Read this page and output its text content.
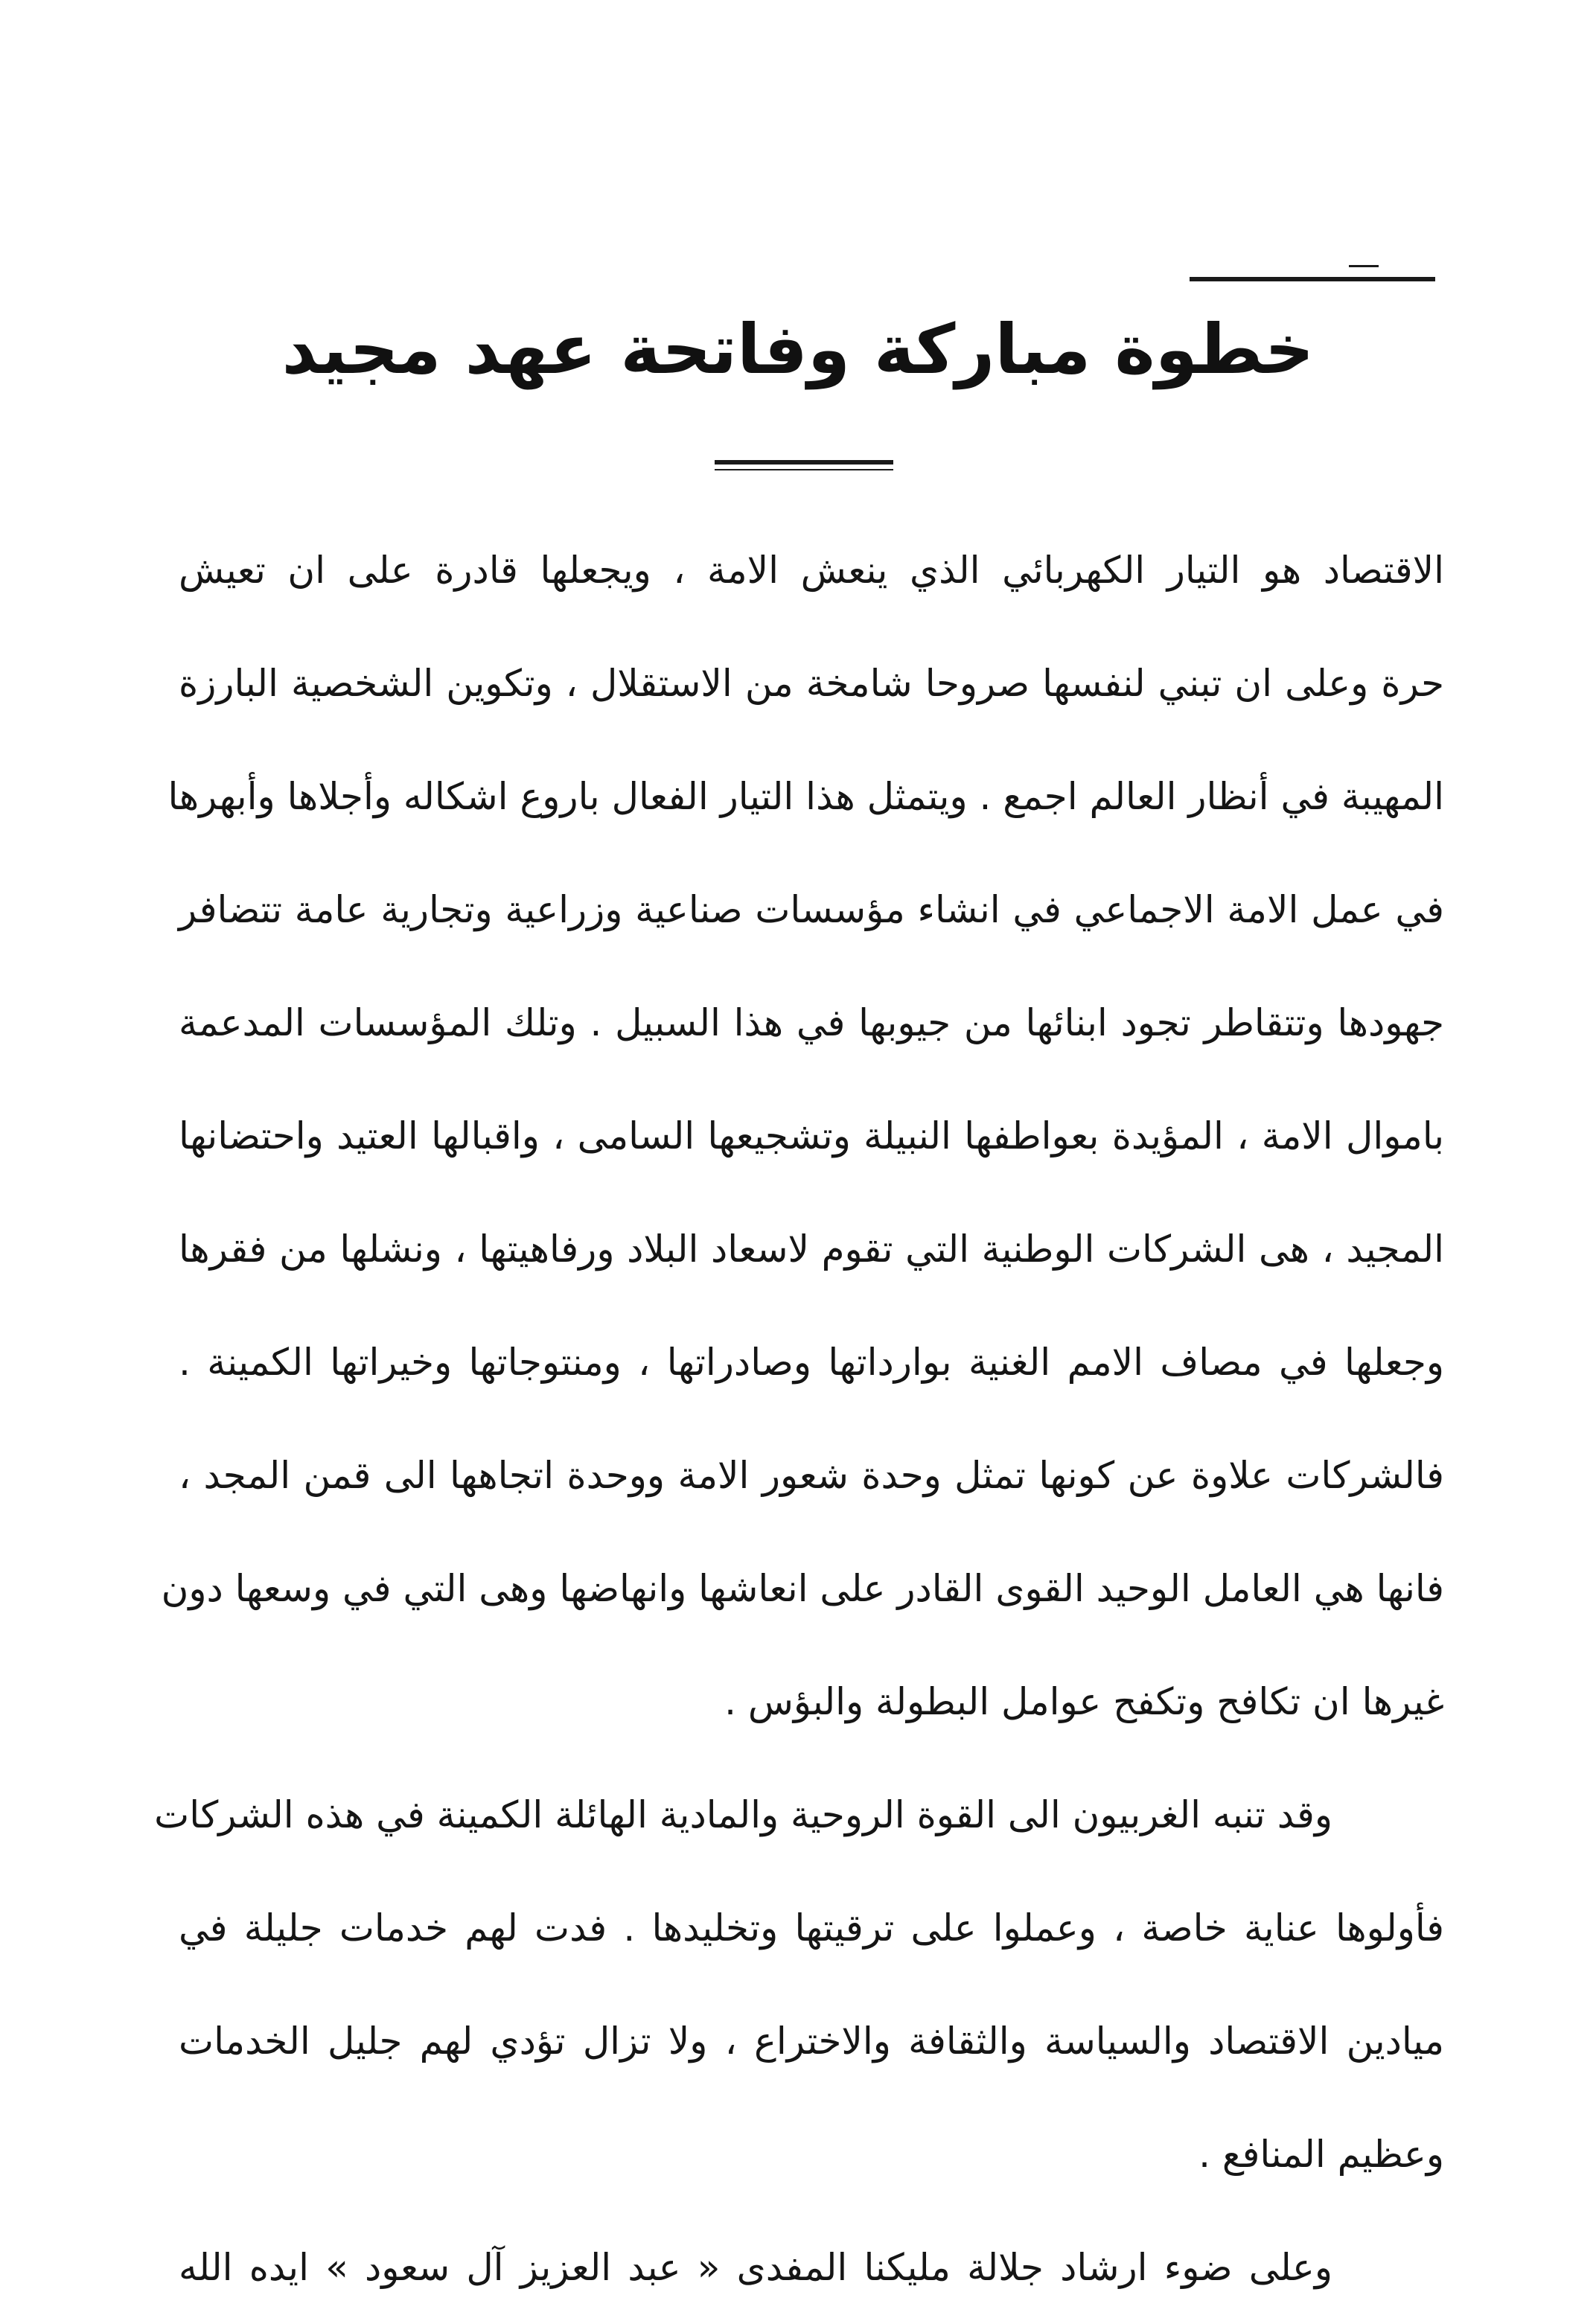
خطوة مباركة وفاتحة عهد مجيد
الاقتصاد هو التيار الكهربائي الذي ينعش الامة ، ويجعلها قادرة على ان تعيش
حرة وعلى ان تبني لنفسها صروحا شامخة من الاستقلال ، وتكوين الشخصية البارزة
المهيبة في أنظار العالم اجمع . ويتمثل هذا التيار الفعال باروع اشكاله وأجلاها وأبهرها
في عمل الامة الاجماعي في انشاء مؤسسات صناعية وزراعية وتجارية عامة تتضافر
جهودها وتتقاطر تجود ابنائها من جيوبها في هذا السبيل . وتلك المؤسسات المدعمة
باموال الامة ، المؤيدة بعواطفها النبيلة وتشجيعها السامى ، واقبالها العتيد واحتضانها
المجيد ، هى الشركات الوطنية التي تقوم لاسعاد البلاد ورفاهيتها ، ونشلها من فقرها
وجعلها في مصاف الامم الغنية بوارداتها وصادراتها ، ومنتوجاتها وخيراتها الكمينة .
فالشركات علاوة عن كونها تمثل وحدة شعور الامة ووحدة اتجاهها الى قمن المجد ،
فانها هي العامل الوحيد القوى القادر على انعاشها وانهاضها وهى التي في وسعها دون
غيرها ان تكافح وتكفح عوامل البطولة والبؤس .
وقد تنبه الغربيون الى القوة الروحية والمادية الهائلة الكمينة في هذه الشركات
فأولوها عناية خاصة ، وعملوا على ترقيتها وتخليدها . فدت لهم خدمات جليلة في
ميادين الاقتصاد والسياسة والثقافة والاختراع ، ولا تزال تؤدي لهم جليل الخدمات
وعظيم المنافع .
وعلى ضوء ارشاد جلالة مليكنا المفدى « عبد العزيز آل سعود » ايده الله
